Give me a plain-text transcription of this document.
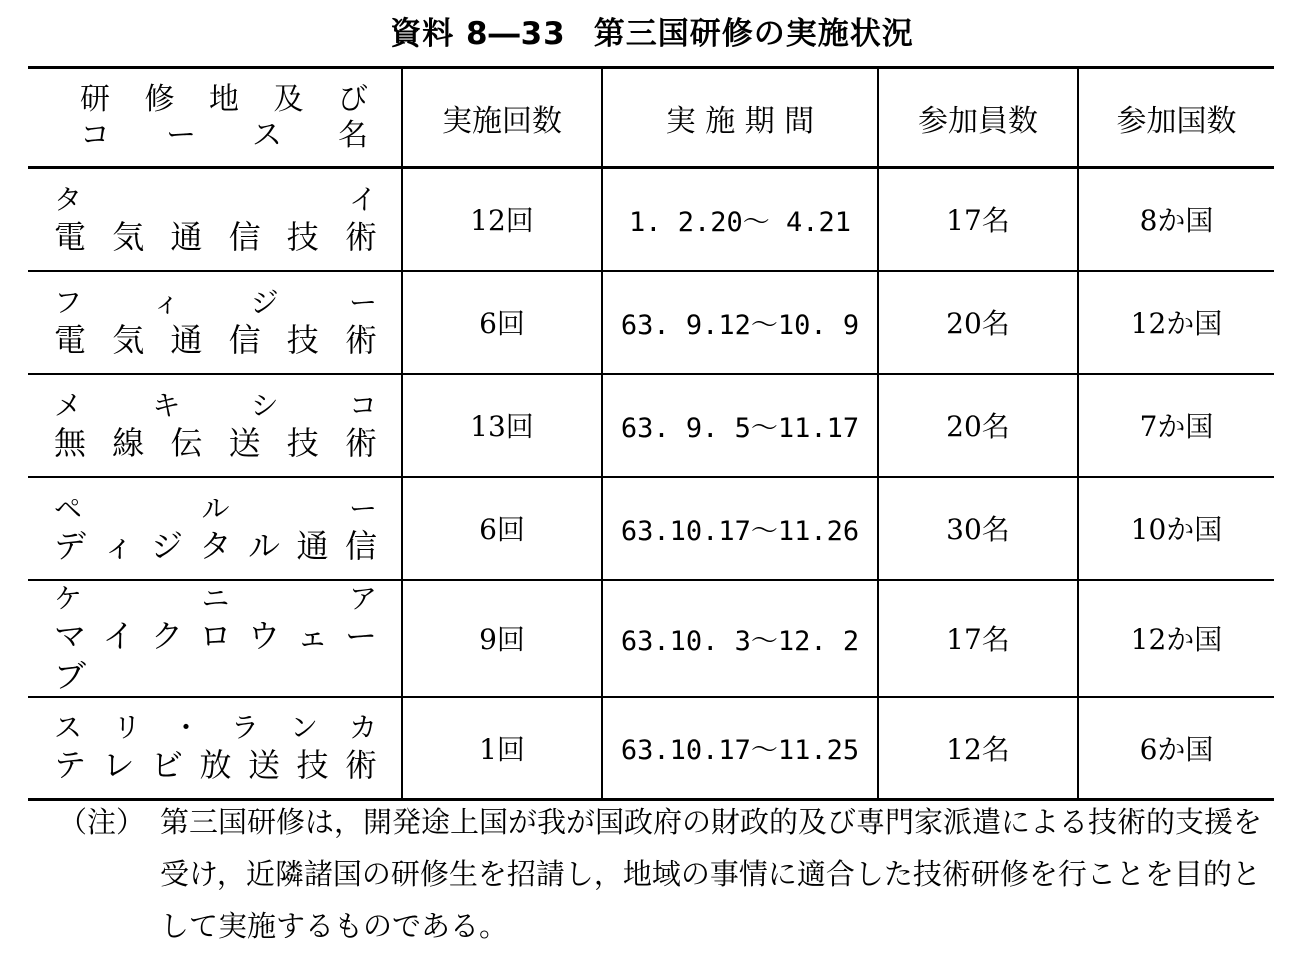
資料 8―33 第三国研修の実施状況
研 修 地 及 び
コ ー ス 名	実施回数	実 施 期 間	参加員数	参加国数

タ イ
電 気 通 信 技 術	12回	1. 2.20～ 4.21	17名	8か国

フ ィ ジ ー
電 気 通 信 技 術	6回	63. 9.12～10. 9	20名	12か国

メ キ シ コ
無 線 伝 送 技 術	13回	63. 9. 5～11.17	20名	7か国

ペ ル ー
デ ィ ジ タ ル 通 信	6回	63.10.17～11.26	30名	10か国

ケ ニ ア
マ イ ク ロ ウ ェ ー ブ	9回	63.10. 3～12. 2	17名	12か国

ス リ ・ ラ ン カ
テ レ ビ 放 送 技 術	1回	63.10.17～11.25	12名	6か国
（注） 第三国研修は，開発途上国が我が国政府の財政的及び専門家派遣による技術的支援を受け，近隣諸国の研修生を招請し，地域の事情に適合した技術研修を行ことを目的として実施するものである。
